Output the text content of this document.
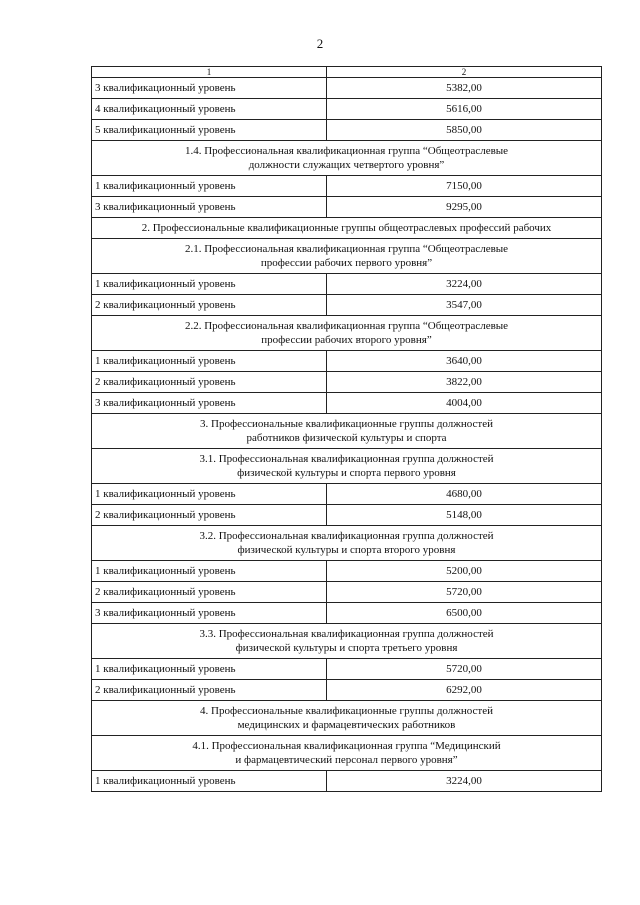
2
1	2
3 квалификационный уровень	5382,00
4 квалификационный уровень	5616,00
5 квалификационный уровень	5850,00

1.4. Профессиональная квалификационная группа “Общеотраслевые
должности служащих четвертого уровня”	

1 квалификационный уровень	7150,00
3 квалификационный уровень	9295,00
2. Профессиональные квалификационные группы общеотраслевых профессий рабочих	

2.1. Профессиональная квалификационная группа “Общеотраслевые
профессии рабочих первого уровня”	

1 квалификационный уровень	3224,00
2 квалификационный уровень	3547,00

2.2. Профессиональная квалификационная группа “Общеотраслевые
профессии рабочих второго уровня”	

1 квалификационный уровень	3640,00
2 квалификационный уровень	3822,00
3 квалификационный уровень	4004,00

3. Профессиональные квалификационные группы должностей
работников физической культуры и спорта	

3.1. Профессиональная квалификационная группа должностей
физической культуры и спорта первого уровня	

1 квалификационный уровень	4680,00
2 квалификационный уровень	5148,00

3.2. Профессиональная квалификационная группа должностей
физической культуры и спорта второго уровня	

1 квалификационный уровень	5200,00
2 квалификационный уровень	5720,00
3 квалификационный уровень	6500,00

3.3. Профессиональная квалификационная группа должностей
физической культуры и спорта третьего уровня	

1 квалификационный уровень	5720,00
2 квалификационный уровень	6292,00

4. Профессиональные квалификационные группы должностей
медицинских и фармацевтических работников	

4.1. Профессиональная квалификационная группа “Медицинский
и фармацевтический персонал первого уровня”	

1 квалификационный уровень	3224,00
